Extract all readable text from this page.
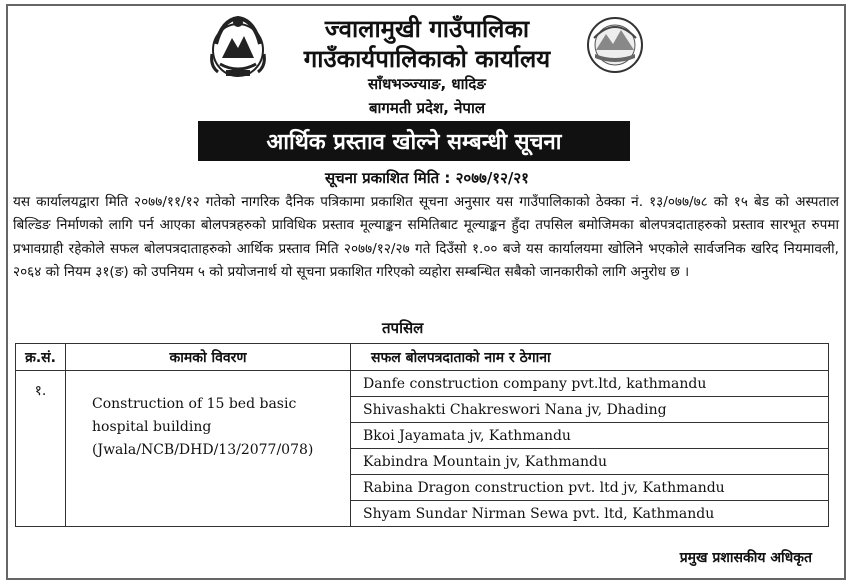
ज्वालामुखी गाउँपालिका
गाउँकार्यपालिकाको कार्यालय
साँधभञ्ज्याङ, धादिङ
बागमती प्रदेश, नेपाल
आर्थिक प्रस्ताव खोल्ने सम्बन्धी सूचना
सूचना प्रकाशित मिति : २०७७/१२/२१

यस कार्यालयद्वारा मिति २०७७/११/१२ गतेको नागरिक दैनिक पत्रिकामा प्रकाशित सूचना अनुसार यस गाउँपालिकाको ठेक्का नं. १३/०७७/७८ को १५ बेड को अस्पताल बिल्डिङ निर्माणको लागि पर्न आएका बोलपत्रहरुको प्राविधिक प्रस्ताव मूल्याङ्कन समितिबाट मूल्याङ्कन हुँदा तपसिल बमोजिमका बोलपत्रदाताहरुको प्रस्ताव सारभूत रुपमा प्रभावग्राही रहेकोले सफल बोलपत्रदाताहरुको आर्थिक प्रस्ताव मिति २०७७/१२/२७ गते दिउँसो १.०० बजे यस कार्यालयमा खोलिने भएकोले सार्वजनिक खरिद नियमावली, २०६४ को नियम ३१(ङ) को उपनियम ५ को प्रयोजनार्थ यो सूचना प्रकाशित गरिएको व्यहोरा सम्बन्धित सबैको जानकारीको लागि अनुरोध छ ।

तपसिल
क्र.सं.	कामको विवरण	सफल बोलपत्रदाताको नाम र ठेगाना
१.	Construction of 15 bed basic
hospital building
(Jwala/NCB/DHD/13/2077/078)	Danfe construction company pvt.ltd, kathmandu
		Shivashakti Chakreswori Nana jv, Dhading
		Bkoi Jayamata jv, Kathmandu
		Kabindra Mountain jv, Kathmandu
		Rabina Dragon construction pvt. ltd jv, Kathmandu
		Shyam Sundar Nirman Sewa pvt. ltd, Kathmandu
प्रमुख प्रशासकीय अधिकृत
